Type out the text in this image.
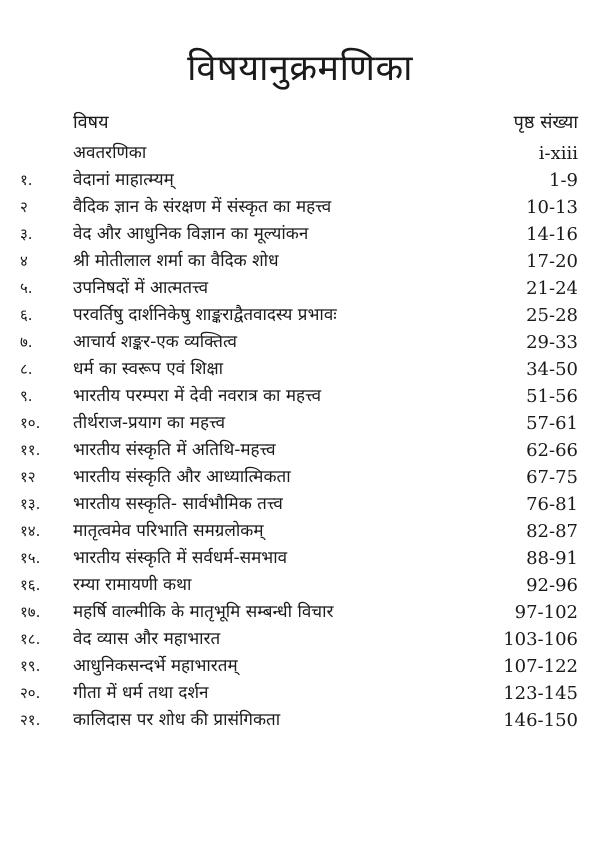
विषयानुक्रमणिका
विषय	पृष्ठ संख्या
अवतरणिका	i-xiii
१. वेदानां माहात्म्यम्	1-9
२	वैदिक ज्ञान के संरक्षण में संस्कृत का महत्त्व	10-13
३. वेद और आधुनिक विज्ञान का मूल्यांकन	14-16
४	श्री मोतीलाल शर्मा का वैदिक शोध	17-20
५. उपनिषदों में आत्मतत्त्व	21-24
६. परवर्तिषु दार्शनिकेषु शाङ्कराद्वैतवादस्य प्रभावः	25-28
७. आचार्य शङ्कर-एक व्यक्तित्व	29-33
८. धर्म का स्वरूप एवं शिक्षा	34-50
९. भारतीय परम्परा में देवी नवरात्र का महत्त्व	51-56
१०. तीर्थराज-प्रयाग का महत्त्व	57-61
११. भारतीय संस्कृति में अतिथि-महत्त्व	62-66
१२ भारतीय संस्कृति और आध्यात्मिकता	67-75
१३. भारतीय सस्कृति- सार्वभौमिक तत्त्व	76-81
१४. मातृत्वमेव परिभाति समग्रलोकम्	82-87
१५. भारतीय संस्कृति में सर्वधर्म-समभाव	88-91
१६. रम्या रामायणी कथा	92-96
१७. महर्षि वाल्मीकि के मातृभूमि सम्बन्धी विचार	97-102
१८. वेद व्यास और महाभारत	103-106
१९. आधुनिकसन्दर्भे महाभारतम्	107-122
२०. गीता में धर्म तथा दर्शन	123-145
२१. कालिदास पर शोध की प्रासंगिकता	146-150
